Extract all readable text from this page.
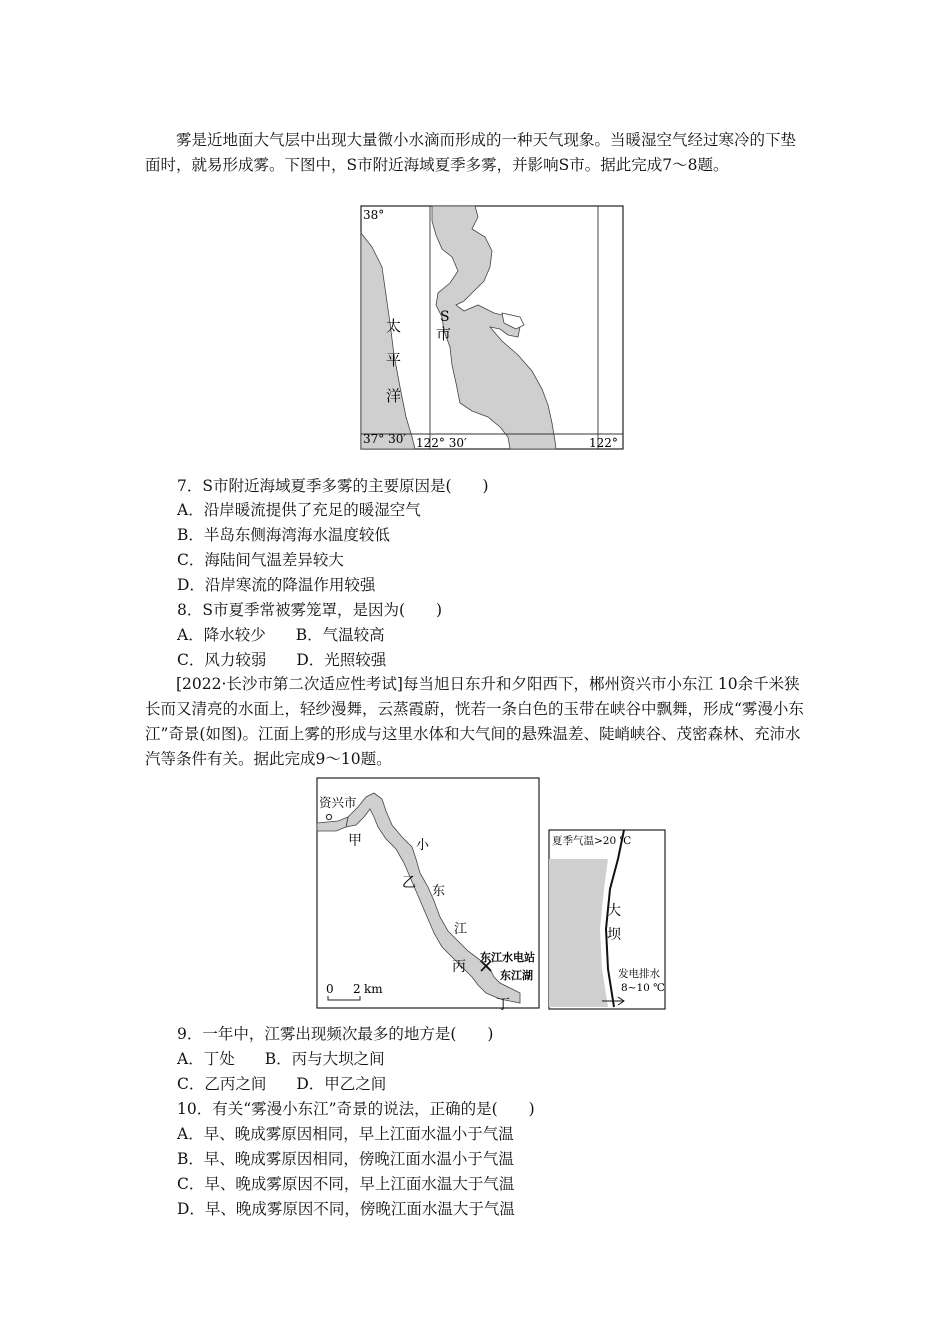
雾是近地面大气层中出现大量微小水滴而形成的一种天气现象。当暖湿空气经过寒冷的下垫面时，就易形成雾。下图中，S市附近海域夏季多雾，并影响S市。据此完成7～8题。

38°
37° 30′ 122° 30′	122°
太
平
洋
S
市
7．S市附近海域夏季多雾的主要原因是(　　)
A．沿岸暖流提供了充足的暖湿空气
B．半岛东侧海湾海水温度较低
C．海陆间气温差异较大
D．沿岸寒流的降温作用较强
8．S市夏季常被雾笼罩，是因为(　　)
A．降水较少 B．气温较高
C．风力较弱 D．光照较强

[2022·长沙市第二次适应性考试]每当旭日东升和夕阳西下，郴州资兴市小东江 10余千米狭长而又清亮的水面上，轻纱漫舞，云蒸霞蔚，恍若一条白色的玉带在峡谷中飘舞，形成“雾漫小东江”奇景(如图)。江面上雾的形成与这里水体和大气间的悬殊温差、陡峭峡谷、茂密森林、充沛水汽等条件有关。据此完成9～10题。

资兴市
甲	小
乙
东
江
丙
东江水电站
东江湖
丁
0 2 km
夏季气温>20 ℃
大
坝
发电排水
8~10 ℃
9．一年中，江雾出现频次最多的地方是(　　)
A．丁处 B．丙与大坝之间
C．乙丙之间 D．甲乙之间
10．有关“雾漫小东江”奇景的说法，正确的是(　　)
A．早、晚成雾原因相同，早上江面水温小于气温
B．早、晚成雾原因相同，傍晚江面水温小于气温
C．早、晚成雾原因不同，早上江面水温大于气温
D．早、晚成雾原因不同，傍晚江面水温大于气温
